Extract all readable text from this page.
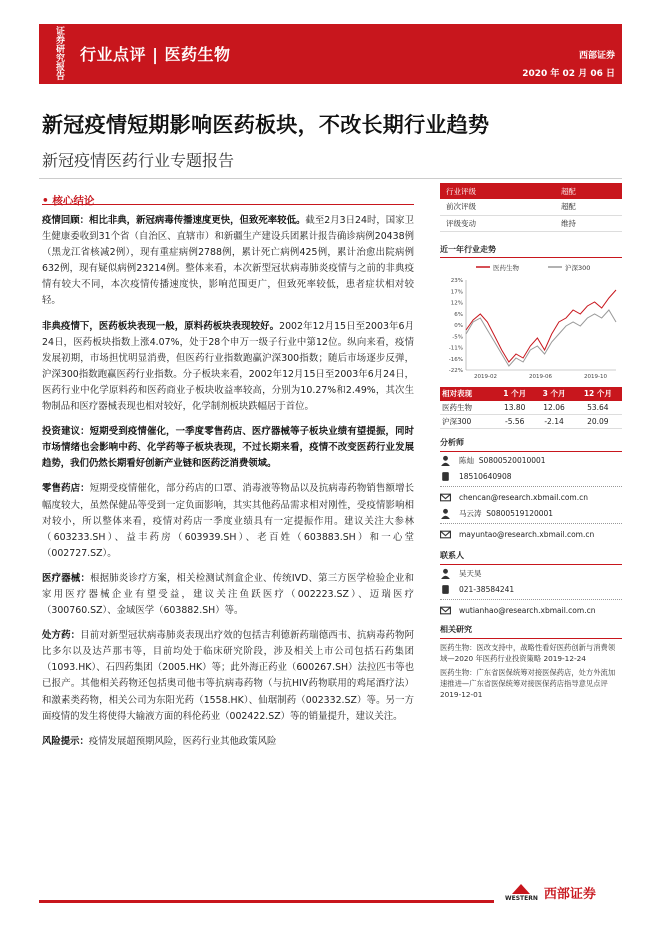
证券研究报告 行业点评 | 医药生物	西部证券
2020 年 02 月 06 日
新冠疫情短期影响医药板块，不改长期行业趋势
新冠疫情医药行业专题报告
• 核心结论

疫情回顾：相比非典，新冠病毒传播速度更快，但致死率较低。截至2月3日24时，国家卫生健康委收到31个省（自治区、直辖市）和新疆生产建设兵团累计报告确诊病例20438例（黑龙江省核减2例），现有重症病例2788例，累计死亡病例425例，累计治愈出院病例632例，现有疑似病例23214例。整体来看，本次新型冠状病毒肺炎疫情与之前的非典疫情有较大不同，本次疫情传播速度快，影响范围更广，但致死率较低，患者症状相对较轻。

非典疫情下，医药板块表现一般，原料药板块表现较好。2002年12月15日至2003年6月24日，医药板块指数上涨4.07%，处于28个申万一级子行业中第12位。纵向来看，疫情发展初期，市场担忧明显消费，但医药行业指数跑赢沪深300指数；随后市场逐步反弹，沪深300指数跑赢医药行业指数。分子板块来看，2002年12月15日至2003年6月24日，医药行业中化学原料药和医药商业子板块收益率较高，分别为10.27%和2.49%，其次生物制品和医疗器械表现也相对较好，化学制剂板块跌幅居于首位。

投资建议：短期受到疫情催化，一季度零售药店、医疗器械等子板块业绩有望提振，同时市场情绪也会影响中药、化学药等子板块表现，不过长期来看，疫情不改变医药行业发展趋势，我们仍然长期看好创新产业链和医药泛消费领域。

零售药店：短期受疫情催化，部分药店的口罩、消毒液等物品以及抗病毒药物销售额增长幅度较大，虽然保健品等受到一定负面影响，其实其他药品需求相对刚性，受疫情影响相对较小，所以整体来看，疫情对药店一季度业绩具有一定提振作用。建议关注大参林（603233.SH）、益丰药房（603939.SH）、老百姓（603883.SH）和一心堂（002727.SZ）。

医疗器械：根据肺炎诊疗方案，相关检测试剂盒企业、传统IVD、第三方医学检验企业和家用医疗器械企业有望受益，建议关注鱼跃医疗（002223.SZ）、迈瑞医疗（300760.SZ）、金域医学（603882.SH）等。

处方药：目前对新型冠状病毒肺炎表现出疗效的包括吉利德新药瑞德西韦、抗病毒药物阿比多尔以及达芦那韦等，目前均处于临床研究阶段，涉及相关上市公司包括石药集团（1093.HK）、石四药集团（2005.HK）等；此外海正药业（600267.SH）法拉匹韦等也已报产。其他相关药物还包括奥司他韦等抗病毒药物（与抗HIV药物联用的鸡尾酒疗法）和激素类药物，相关公司为东阳光药（1558.HK）、仙琚制药（002332.SZ）等。另一方面疫情的发生将使得大输液方面的科伦药业（002422.SZ）等的销量提升，建议关注。

风险提示：疫情发展超预期风险，医药行业其他政策风险

行业评级	超配
前次评级	超配
评级变动	维持
近一年行业走势
医药生物	沪深300
23%
17%
12%
6%
0%
-5%
-11%
-16%
-22%
2019-02	2019-06	2019-10
相对表现	1 个月	3 个月	12 个月
医药生物	13.80	12.06	53.64
沪深300	-5.56	-2.14	20.09
分析师
陈灿
S0800520010001
18510640908
chencan@research.xbmail.com.cn
马云涛
S0800519120001
mayuntao@research.xbmail.com.cn
联系人
吴天昊
021-38584241
wutianhao@research.xbmail.com.cn
相关研究
医药生物：医改支持中，战略性看好医药创新与消费领域—2020 年医药行业投资策略 2019-12-24
医药生物：广东省医保统筹对接医保药店，处方外流加速推进—广东省医保统筹对接医保药店指导意见点评 2019-12-01
WESTERN 西部证券
